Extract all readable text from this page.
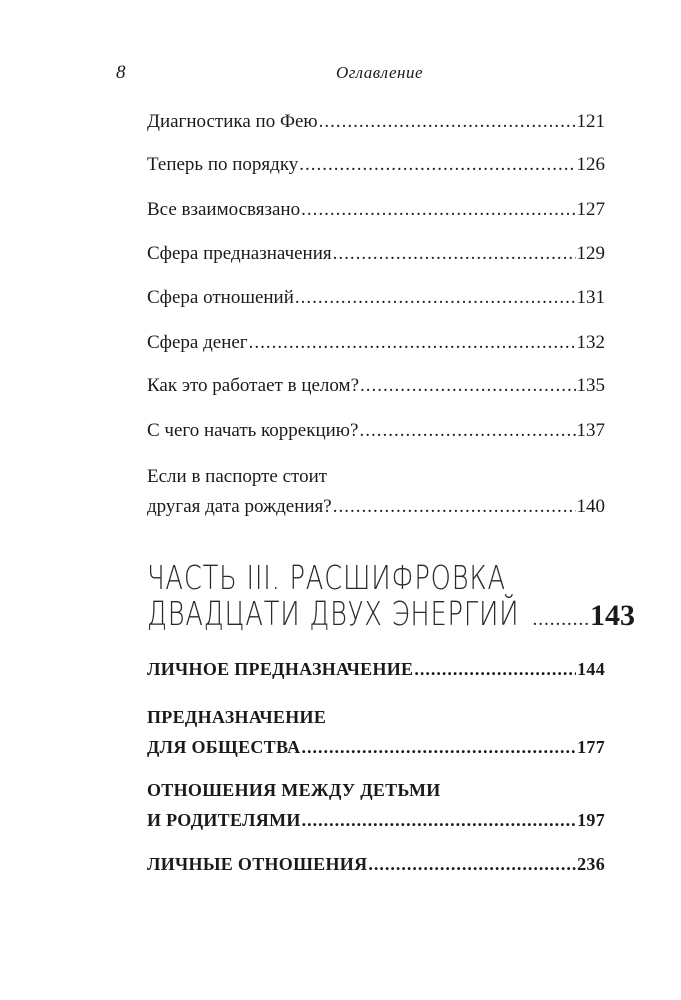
8	Оглавление
Диагностика по Фею .....	121
Теперь по порядку .....	126
Все взаимосвязано .....	127
Сфера предназначения .....	129
Сфера отношений .....	131
Сфера денег .....	132
Как это работает в целом? .....	135
С чего начать коррекцию? .....	137
Если в паспорте стоит
другая дата рождения? .....	140
ЧАСТЬ III. РАСШИФРОВКА
ДВАДЦАТИ ДВУХ ЭНЕРГИЙ .......... 143
ЛИЧНОЕ ПРЕДНАЗНАЧЕНИЕ .....	144
ПРЕДНАЗНАЧЕНИЕ
ДЛЯ ОБЩЕСТВА .....	177
ОТНОШЕНИЯ МЕЖДУ ДЕТЬМИ
И РОДИТЕЛЯМИ .....	197
ЛИЧНЫЕ ОТНОШЕНИЯ .....	236
